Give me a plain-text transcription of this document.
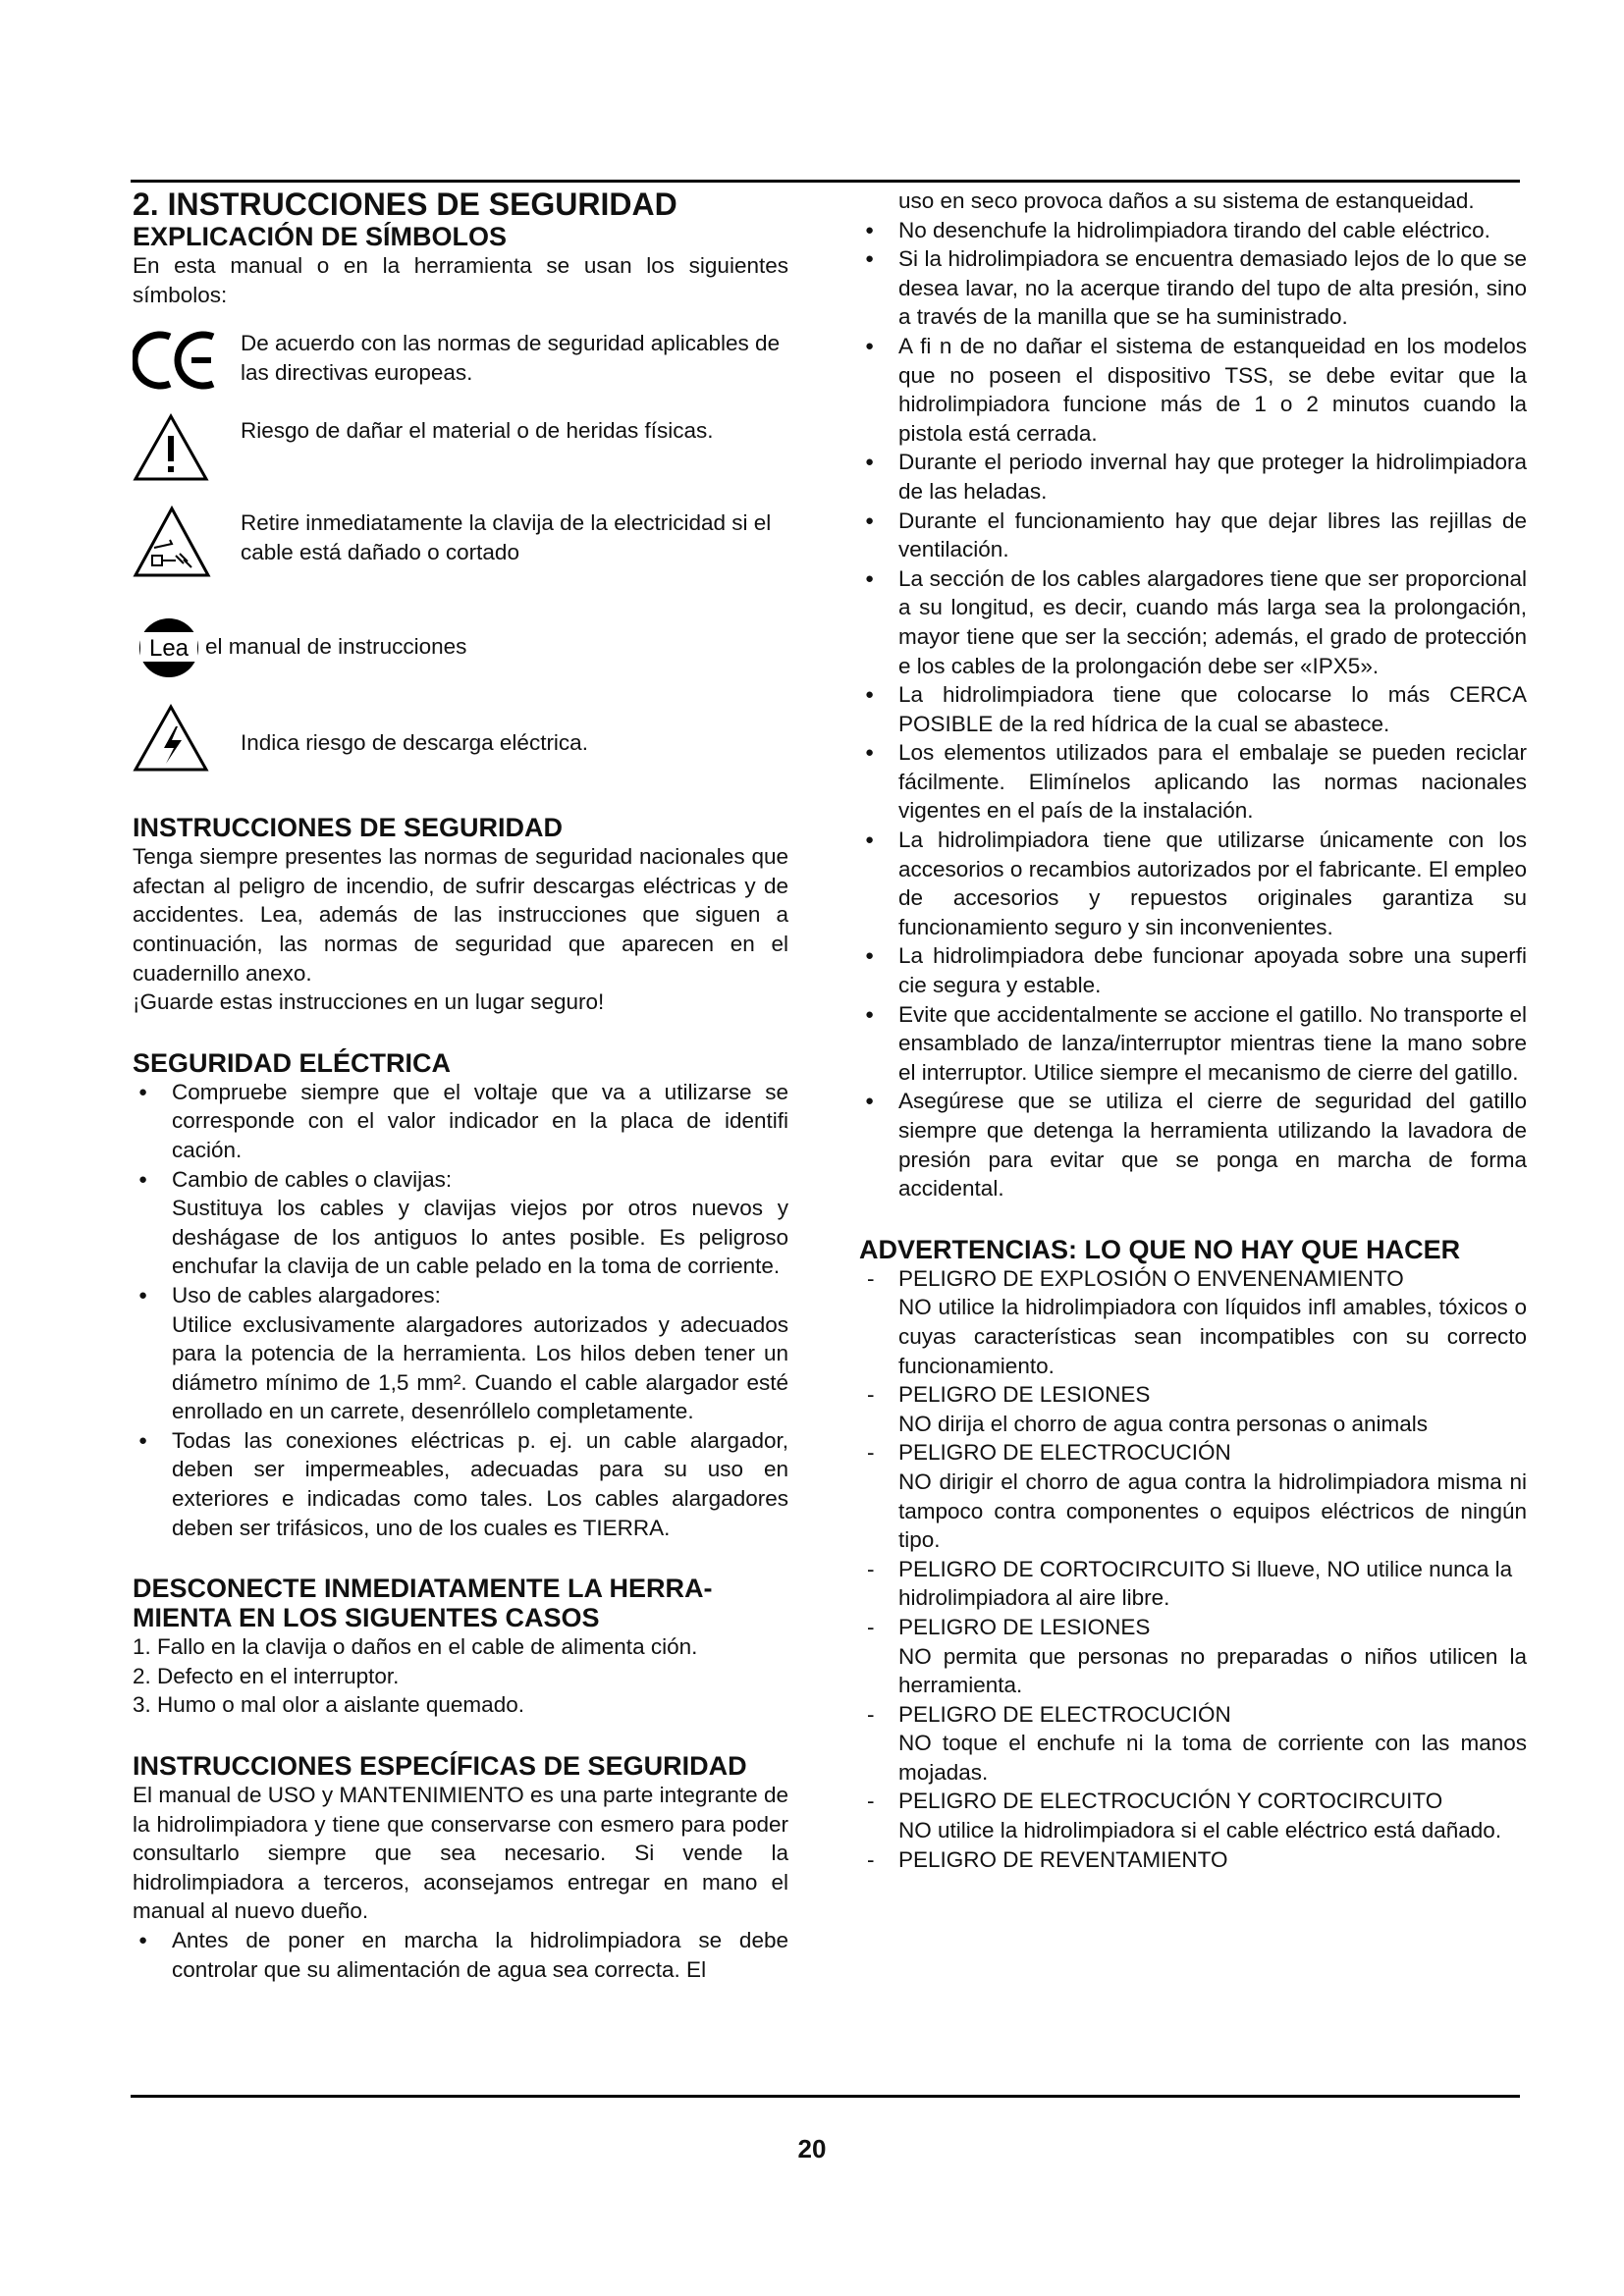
2. INSTRUCCIONES DE SEGURIDAD
EXPLICACIÓN DE SÍMBOLOS

En esta manual o en la herramienta se usan los siguientes símbolos:

De acuerdo con las normas de seguridad aplicables de las directivas europeas.
Riesgo de dañar el material o de heridas físicas.
Retire inmediatamente la clavija de la electricidad si el cable está dañado o cortado
Lea el manual de instrucciones
Indica riesgo de descarga eléctrica.
INSTRUCCIONES DE SEGURIDAD

Tenga siempre presentes las normas de seguridad nacionales que afectan al peligro de incendio, de sufrir descargas eléctricas y de accidentes. Lea, además de las instrucciones que siguen a continuación, las normas de seguridad que aparecen en el cuadernillo anexo.

¡Guarde estas instrucciones en un lugar seguro!

SEGURIDAD ELÉCTRICA
● Compruebe siempre que el voltaje que va a utilizarse se corresponde con el valor indicador en la placa de identifi cación.
● Cambio de cables o clavijas:
Sustituya los cables y clavijas viejos por otros nuevos y deshágase de los antiguos lo antes posible. Es peligroso enchufar la clavija de un cable pelado en la toma de corriente.
● Uso de cables alargadores:
Utilice exclusivamente alargadores autorizados y adecuados para la potencia de la herramienta. Los hilos deben tener un diámetro mínimo de 1,5 mm². Cuando el cable alargador esté enrollado en un carrete, desenróllelo completamente.
● Todas las conexiones eléctricas p. ej. un cable alargador, deben ser impermeables, adecuadas para su uso en exteriores e indicadas como tales. Los cables alargadores deben ser trifásicos, uno de los cuales es TIERRA.
DESCONECTE INMEDIATAMENTE LA HERRA-
MIENTA EN LOS SIGUENTES CASOS
1. Fallo en la clavija o daños en el cable de alimenta ción.
2. Defecto en el interruptor.
3. Humo o mal olor a aislante quemado.
INSTRUCCIONES ESPECÍFICAS DE SEGURIDAD

El manual de USO y MANTENIMIENTO es una parte integrante de la hidrolimpiadora y tiene que conservarse con esmero para poder consultarlo siempre que sea necesario. Si vende la hidrolimpiadora a terceros, aconsejamos entregar en mano el manual al nuevo dueño.

● Antes de poner en marcha la hidrolimpiadora se debe controlar que su alimentación de agua sea correcta. El

uso en seco provoca daños a su sistema de estanqueidad.

● No desenchufe la hidrolimpiadora tirando del cable eléctrico.
● Si la hidrolimpiadora se encuentra demasiado lejos de lo que se desea lavar, no la acerque tirando del tupo de alta presión, sino a través de la manilla que se ha suministrado.
● A fi n de no dañar el sistema de estanqueidad en los modelos que no poseen el dispositivo TSS, se debe evitar que la hidrolimpiadora funcione más de 1 o 2 minutos cuando la pistola está cerrada.
● Durante el periodo invernal hay que proteger la hidrolimpiadora de las heladas.
● Durante el funcionamiento hay que dejar libres las rejillas de ventilación.
● La sección de los cables alargadores tiene que ser proporcional a su longitud, es decir, cuando más larga sea la prolongación, mayor tiene que ser la sección; además, el grado de protección e los cables de la prolongación debe ser «IPX5».
● La hidrolimpiadora tiene que colocarse lo más CERCA POSIBLE de la red hídrica de la cual se abastece.
● Los elementos utilizados para el embalaje se pueden reciclar fácilmente. Elimínelos aplicando las normas nacionales vigentes en el país de la instalación.
● La hidrolimpiadora tiene que utilizarse únicamente con los accesorios o recambios autorizados por el fabricante. El empleo de accesorios y repuestos originales garantiza su funcionamiento seguro y sin inconvenientes.
● La hidrolimpiadora debe funcionar apoyada sobre una superfi cie segura y estable.
● Evite que accidentalmente se accione el gatillo. No transporte el ensamblado de lanza/interruptor mientras tiene la mano sobre el interruptor. Utilice siempre el mecanismo de cierre del gatillo.
● Asegúrese que se utiliza el cierre de seguridad del gatillo siempre que detenga la herramienta utilizando la lavadora de presión para evitar que se ponga en marcha de forma accidental.
ADVERTENCIAS: LO QUE NO HAY QUE HACER
- PELIGRO DE EXPLOSIÓN O ENVENENAMIENTO
NO utilice la hidrolimpiadora con líquidos infl amables, tóxicos o cuyas características sean incompatibles con su correcto funcionamiento.
- PELIGRO DE LESIONES
NO dirija el chorro de agua contra personas o animals
- PELIGRO DE ELECTROCUCIÓN
NO dirigir el chorro de agua contra la hidrolimpiadora misma ni tampoco contra componentes o equipos eléctricos de ningún tipo.
- PELIGRO DE CORTOCIRCUITO Si llueve, NO utilice nunca la hidrolimpiadora al aire libre.
- PELIGRO DE LESIONES
NO permita que personas no preparadas o niños utilicen la herramienta.
- PELIGRO DE ELECTROCUCIÓN
NO toque el enchufe ni la toma de corriente con las manos mojadas.
- PELIGRO DE ELECTROCUCIÓN Y CORTOCIRCUITO
NO utilice la hidrolimpiadora si el cable eléctrico está dañado.
- PELIGRO DE REVENTAMIENTO
20
